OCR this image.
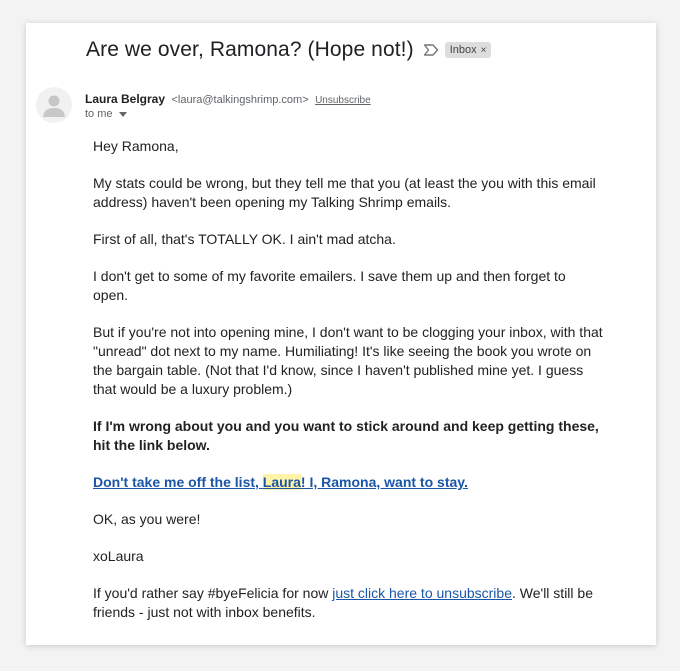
Are we over, Ramona? (Hope not!)	Inbox ×
Laura Belgray <laura@talkingshrimp.com> Unsubscribe
to me

Hey Ramona,

My stats could be wrong, but they tell me that you (at least the you with this email address) haven't been opening my Talking Shrimp emails.

First of all, that's TOTALLY OK. I ain't mad atcha.

I don't get to some of my favorite emailers. I save them up and then forget to open.

But if you're not into opening mine, I don't want to be clogging your inbox, with that "unread" dot next to my name. Humiliating! It's like seeing the book you wrote on the bargain table. (Not that I'd know, since I haven't published mine yet. I guess that would be a luxury problem.)

If I'm wrong about you and you want to stick around and keep getting these, hit the link below.

Don't take me off the list, Laura! I, Ramona, want to stay.

OK, as you were!

xoLaura

If you'd rather say #byeFelicia for now just click here to unsubscribe. We'll still be friends - just not with inbox benefits.
